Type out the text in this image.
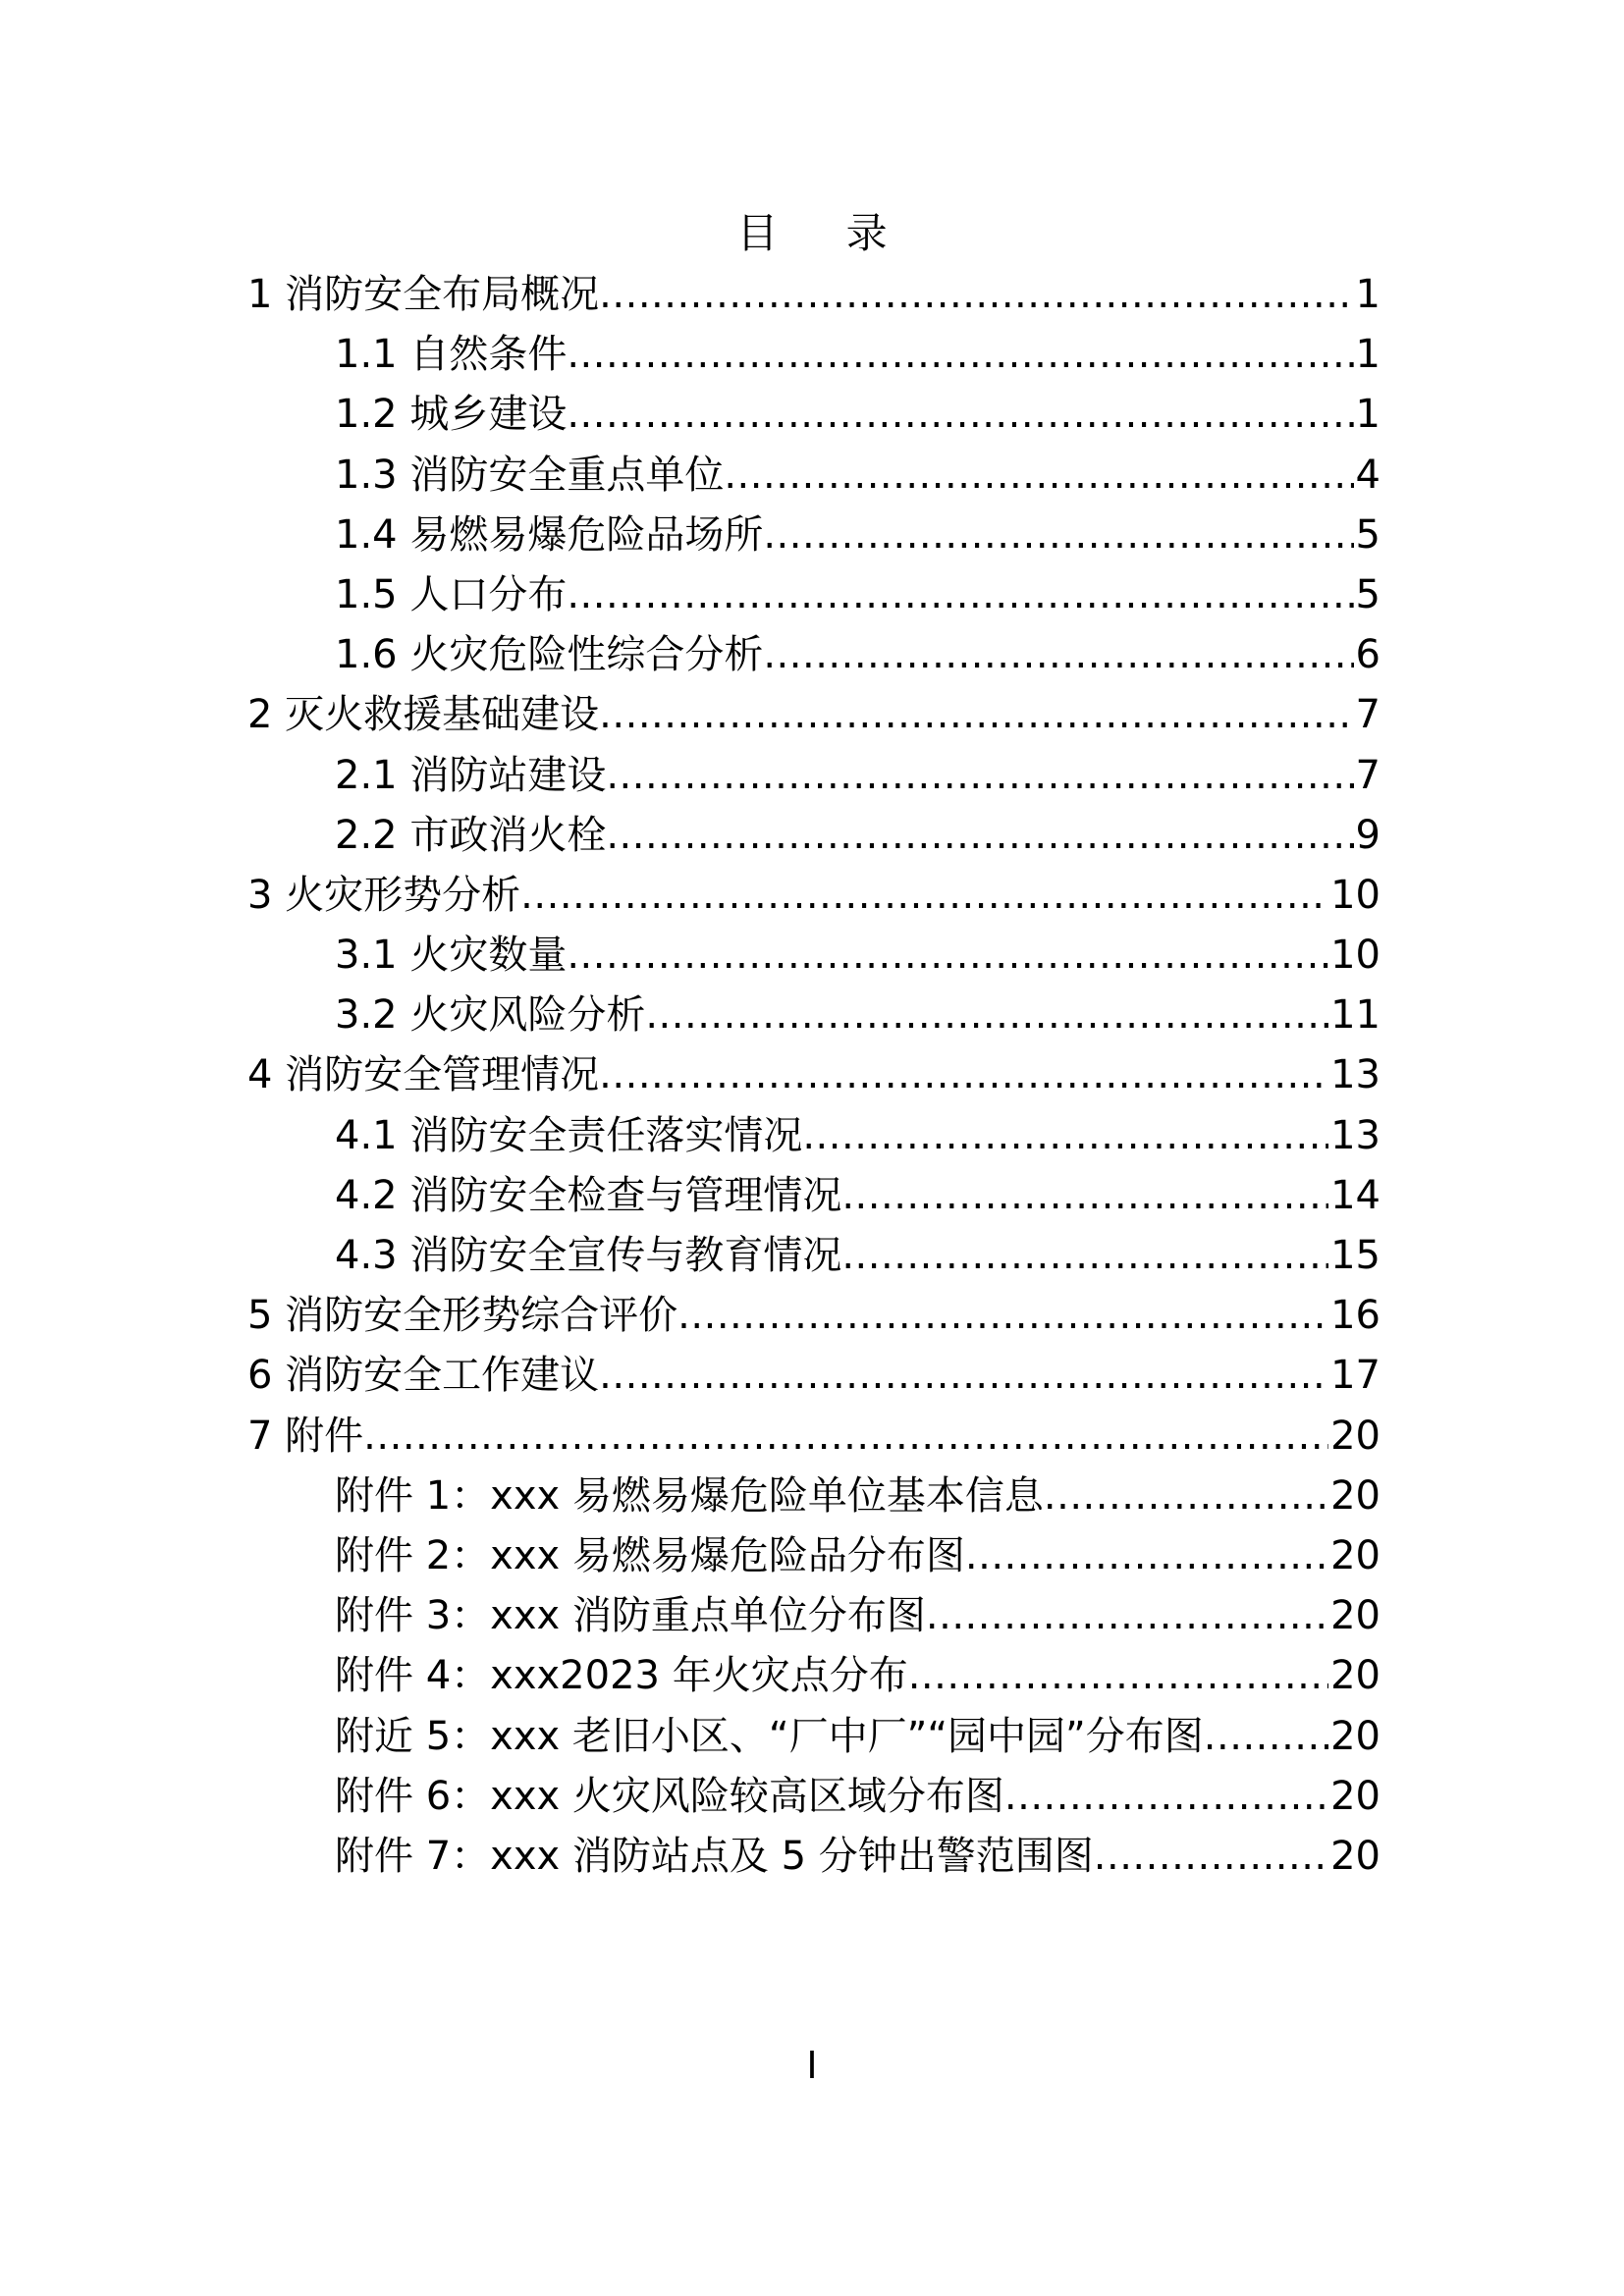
目 录
1 消防安全布局概况 .....	1
1.1 自然条件 .....	1
1.2 城乡建设 .....	1
1.3 消防安全重点单位 .....	4
1.4 易燃易爆危险品场所 .....	5
1.5 人口分布 .....	5
1.6 火灾危险性综合分析 .....	6
2 灭火救援基础建设 .....	7
2.1 消防站建设 .....	7
2.2 市政消火栓 .....	9
3 火灾形势分析 .....	10
3.1 火灾数量 .....	10
3.2 火灾风险分析 .....	11
4 消防安全管理情况 .....	13
4.1 消防安全责任落实情况 .....	13
4.2 消防安全检查与管理情况 .....	14
4.3 消防安全宣传与教育情况 .....	15
5 消防安全形势综合评价 .....	16
6 消防安全工作建议 .....	17
7 附件 .....	20
附件 1：xxx 易燃易爆危险单位基本信息 .....	20
附件 2：xxx 易燃易爆危险品分布图 .....	20
附件 3：xxx 消防重点单位分布图 .....	20
附件 4：xxx2023 年火灾点分布 .....	20
附近 5：xxx 老旧小区、“厂中厂”“园中园”分布图 .....	20
附件 6：xxx 火灾风险较高区域分布图 .....	20
附件 7：xxx 消防站点及 5 分钟出警范围图 .....	20
I
